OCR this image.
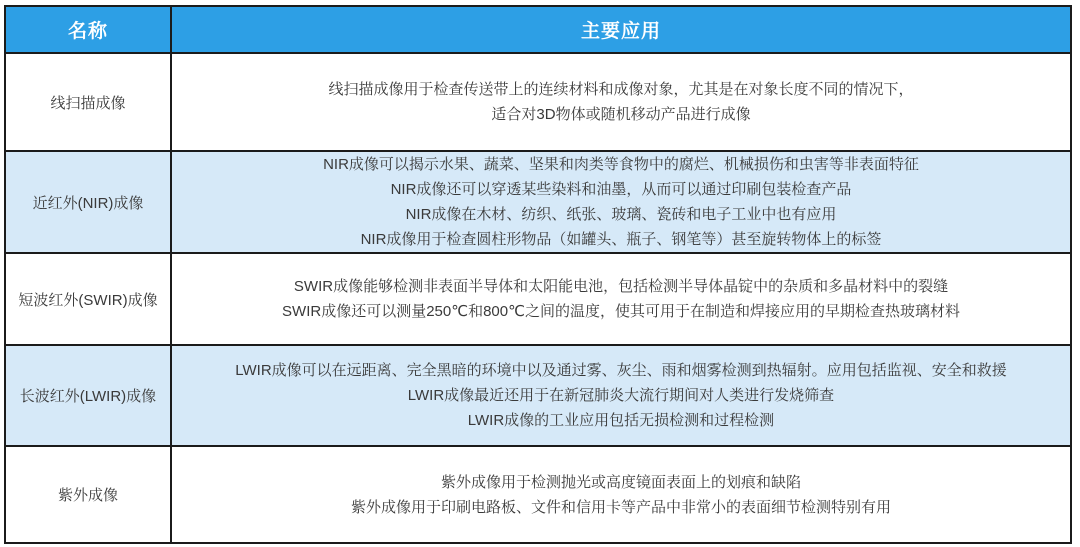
名称	主要应用
线扫描成像	线扫描成像用于检查传送带上的连续材料和成像对象，尤其是在对象长度不同的情况下，
适合对3D物体或随机移动产品进行成像

近红外(NIR)成像	NIR成像可以揭示水果、蔬菜、坚果和肉类等食物中的腐烂、机械损伤和虫害等非表面特征
NIR成像还可以穿透某些染料和油墨，从而可以通过印刷包装检查产品
NIR成像在木材、纺织、纸张、玻璃、瓷砖和电子工业中也有应用
NIR成像用于检查圆柱形物品（如罐头、瓶子、钢笔等）甚至旋转物体上的标签

短波红外(SWIR)成像	SWIR成像能够检测非表面半导体和太阳能电池，包括检测半导体晶锭中的杂质和多晶材料中的裂缝
SWIR成像还可以测量250℃和800℃之间的温度，使其可用于在制造和焊接应用的早期检查热玻璃材料

长波红外(LWIR)成像	LWIR成像可以在远距离、完全黑暗的环境中以及通过雾、灰尘、雨和烟雾检测到热辐射。应用包括监视、安全和救援
LWIR成像最近还用于在新冠肺炎大流行期间对人类进行发烧筛查
LWIR成像的工业应用包括无损检测和过程检测

紫外成像	紫外成像用于检测抛光或高度镜面表面上的划痕和缺陷
紫外成像用于印刷电路板、文件和信用卡等产品中非常小的表面细节检测特别有用
